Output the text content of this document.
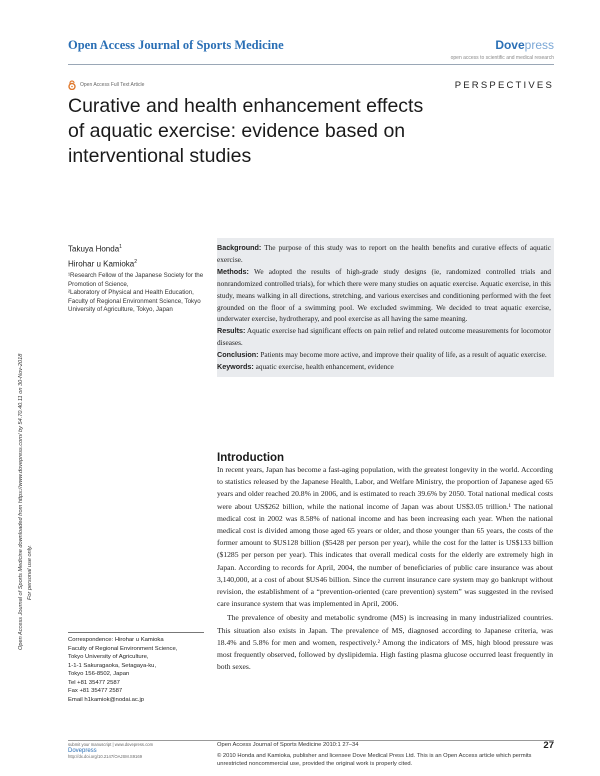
Open Access Journal of Sports Medicine	Dovepress
open access to scientific and medical research
Open Access Full Text Article	PERSPECTIVES
Curative and health enhancement effects of aquatic exercise: evidence based on interventional studies
Open Access Journal of Sports Medicine downloaded from https://www.dovepress.com/ by 54.70.40.11 on 30-Nov-2018 For personal use only.
Takuya Honda$^1$
Hirohar u Kamioka$^2$
¹Research Fellow of the Japanese Society for the Promotion of Science,
²Laboratory of Physical and Health Education, Faculty of Regional Environment Science, Tokyo University of Agriculture, Tokyo, Japan

Background: The purpose of this study was to report on the health benefits and curative effects of aquatic exercise.

Methods: We adopted the results of high-grade study designs (ie, randomized controlled trials and nonrandomized controlled trials), for which there were many studies on aquatic exercise. Aquatic exercise, in this study, means walking in all directions, stretching, and various exercises and conditioning performed with the feet grounded on the floor of a swimming pool. We excluded swimming. We decided to treat aquatic exercise, underwater exercise, hydrotherapy, and pool exercise as all having the same meaning.

Results: Aquatic exercise had significant effects on pain relief and related outcome measurements for locomotor diseases.

Conclusion: Patients may become more active, and improve their quality of life, as a result of aquatic exercise.

Keywords: aquatic exercise, health enhancement, evidence

Introduction

In recent years, Japan has become a fast-aging population, with the greatest longevity in the world. According to statistics released by the Japanese Health, Labor, and Welfare Ministry, the proportion of Japanese aged 65 years and older reached 20.8% in 2006, and is estimated to reach 39.6% by 2050. Total national medical costs were about US$262 billion, while the national income of Japan was about US$3.05 trillion.¹ The national medical cost in 2002 was 8.58% of national income and has been increasing each year. When the national medical cost is divided among those aged 65 years or older, and those younger than 65 years, the costs of the former amount to $US128 billion ($5428 per person per year), while the cost for the latter is US$133 billion ($1285 per person per year). This indicates that overall medical costs for the elderly are extremely high in Japan. According to records for April, 2004, the number of beneficiaries of public care insurance was about 3,140,000, at a cost of about $US46 billion. Since the current insurance care system may go bankrupt without revision, the establishment of a “prevention-oriented (care prevention) system” was suggested in the revised care insurance system that was implemented in April, 2006.

The prevalence of obesity and metabolic syndrome (MS) is increasing in many industrialized countries. This situation also exists in Japan. The prevalence of MS, diagnosed according to Japanese criteria, was 18.4% and 5.8% for men and women, respectively.² Among the indicators of MS, high blood pressure was most frequently observed, followed by dyslipidemia. High fasting plasma glucose occurred least frequently in both sexes.

Correspondence: Hirohar u Kamioka
Faculty of Regional Environment Science,
Tokyo University of Agriculture,
1-1-1 Sakuragaoka, Setagaya-ku,
Tokyo 156-8502, Japan
Tel +81 35477 2587
Fax +81 35477 2587
Email h1kamiok@nodai.ac.jp
submit your manuscript | www.dovepress.com
Dovepress
http://dx.doi.org/10.2147/OAJSM.S9169
Open Access Journal of Sports Medicine 2010:1 27–34	27
© 2010 Honda and Kamioka, publisher and licensee Dove Medical Press Ltd. This is an Open Access article which permits unrestricted noncommercial use, provided the original work is properly cited.
